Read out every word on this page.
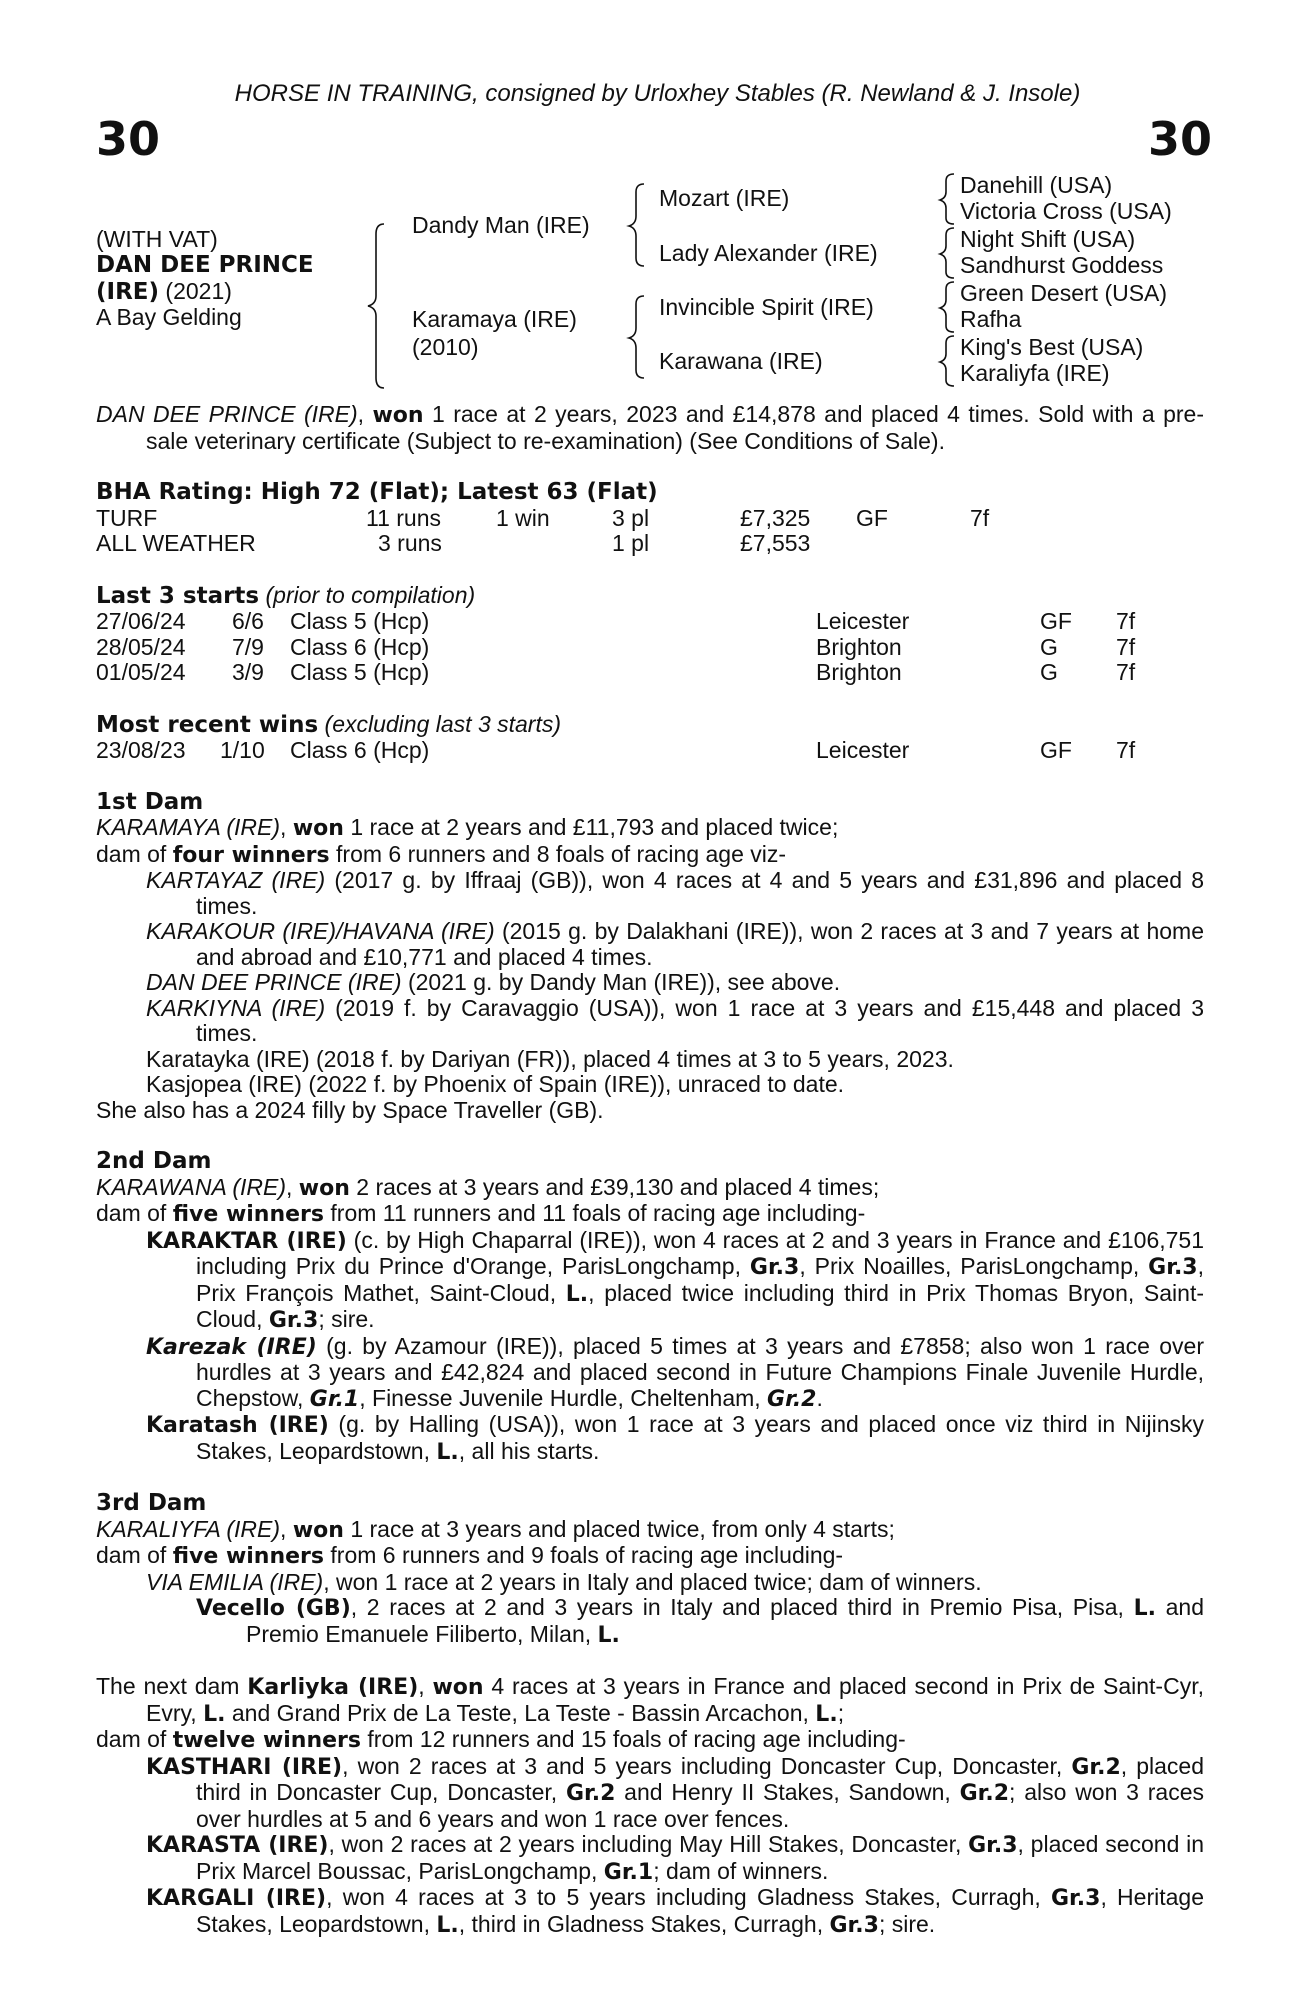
HORSE IN TRAINING, consigned by Urloxhey Stables (R. Newland & J. Insole)
30	30
(WITH VAT)
DAN DEE PRINCE
(IRE) (2021)
A Bay Gelding
Dandy Man (IRE)
Karamaya (IRE)
(2010)
Mozart (IRE)
Lady Alexander (IRE)
Invincible Spirit (IRE)
Karawana (IRE)
Danehill (USA)
Victoria Cross (USA)
Night Shift (USA)
Sandhurst Goddess
Green Desert (USA)
Rafha
King's Best (USA)
Karaliyfa (IRE)

DAN DEE PRINCE (IRE), won 1 race at 2 years, 2023 and £14,878 and placed 4 times. Sold with a pre-sale veterinary certificate (Subject to re-examination) (See Conditions of Sale).

BHA Rating: High 72 (Flat); Latest 63 (Flat)

TURF	11 runs 1 win	3 pl	£7,325 GF	7f
ALL WEATHER	3 runs	1 pl	£7,553

Last 3 starts (prior to compilation)

27/06/24 6/6 Class 5 (Hcp)	Leicester	GF 7f
28/05/24 7/9 Class 6 (Hcp)	Brighton	G	7f
01/05/24 3/9 Class 5 (Hcp)	Brighton	G	7f

Most recent wins (excluding last 3 starts)

23/08/23 1/10 Class 6 (Hcp)	Leicester	GF 7f

1st Dam

KARAMAYA (IRE), won 1 race at 2 years and £11,793 and placed twice;

dam of four winners from 6 runners and 8 foals of racing age viz-

KARTAYAZ (IRE) (2017 g. by Iffraaj (GB)), won 4 races at 4 and 5 years and £31,896 and placed 8 times.

KARAKOUR (IRE)/HAVANA (IRE) (2015 g. by Dalakhani (IRE)), won 2 races at 3 and 7 years at home and abroad and £10,771 and placed 4 times.

DAN DEE PRINCE (IRE) (2021 g. by Dandy Man (IRE)), see above.

KARKIYNA (IRE) (2019 f. by Caravaggio (USA)), won 1 race at 3 years and £15,448 and placed 3 times.

Karatayka (IRE) (2018 f. by Dariyan (FR)), placed 4 times at 3 to 5 years, 2023.

Kasjopea (IRE) (2022 f. by Phoenix of Spain (IRE)), unraced to date.

She also has a 2024 filly by Space Traveller (GB).

2nd Dam

KARAWANA (IRE), won 2 races at 3 years and £39,130 and placed 4 times;

dam of five winners from 11 runners and 11 foals of racing age including-

KARAKTAR (IRE) (c. by High Chaparral (IRE)), won 4 races at 2 and 3 years in France and £106,751 including Prix du Prince d'Orange, ParisLongchamp, Gr.3, Prix Noailles, ParisLongchamp, Gr.3, Prix François Mathet, Saint-Cloud, L., placed twice including third in Prix Thomas Bryon, Saint-Cloud, Gr.3; sire.

Karezak (IRE) (g. by Azamour (IRE)), placed 5 times at 3 years and £7858; also won 1 race over hurdles at 3 years and £42,824 and placed second in Future Champions Finale Juvenile Hurdle, Chepstow, Gr.1, Finesse Juvenile Hurdle, Cheltenham, Gr.2.

Karatash (IRE) (g. by Halling (USA)), won 1 race at 3 years and placed once viz third in Nijinsky Stakes, Leopardstown, L., all his starts.

3rd Dam

KARALIYFA (IRE), won 1 race at 3 years and placed twice, from only 4 starts;

dam of five winners from 6 runners and 9 foals of racing age including-

VIA EMILIA (IRE), won 1 race at 2 years in Italy and placed twice; dam of winners.

Vecello (GB), 2 races at 2 and 3 years in Italy and placed third in Premio Pisa, Pisa, L. and Premio Emanuele Filiberto, Milan, L.

The next dam Karliyka (IRE), won 4 races at 3 years in France and placed second in Prix de Saint-Cyr, Evry, L. and Grand Prix de La Teste, La Teste - Bassin Arcachon, L.;

dam of twelve winners from 12 runners and 15 foals of racing age including-

KASTHARI (IRE), won 2 races at 3 and 5 years including Doncaster Cup, Doncaster, Gr.2, placed third in Doncaster Cup, Doncaster, Gr.2 and Henry II Stakes, Sandown, Gr.2; also won 3 races over hurdles at 5 and 6 years and won 1 race over fences.

KARASTA (IRE), won 2 races at 2 years including May Hill Stakes, Doncaster, Gr.3, placed second in Prix Marcel Boussac, ParisLongchamp, Gr.1; dam of winners.

KARGALI (IRE), won 4 races at 3 to 5 years including Gladness Stakes, Curragh, Gr.3, Heritage Stakes, Leopardstown, L., third in Gladness Stakes, Curragh, Gr.3; sire.
